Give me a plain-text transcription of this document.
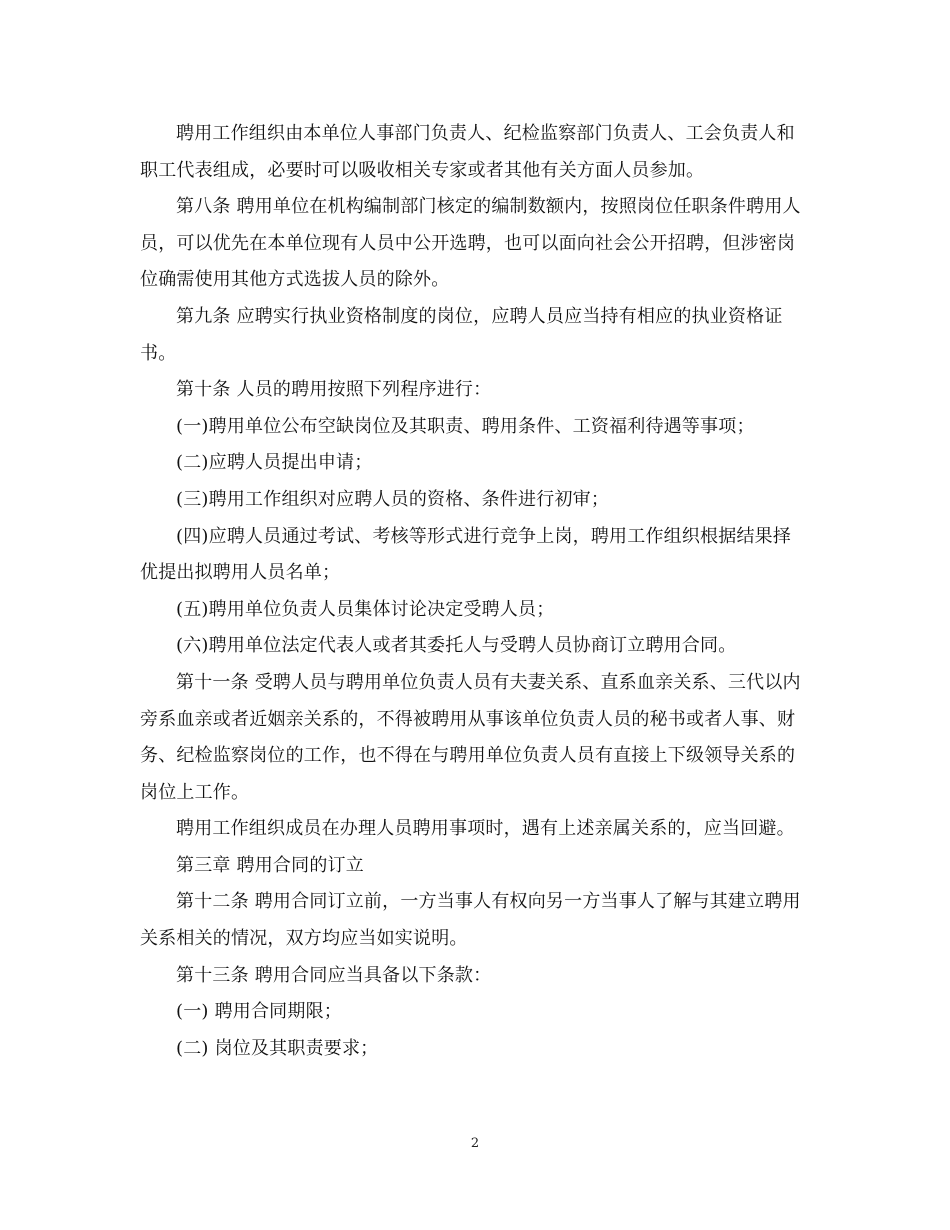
聘用工作组织由本单位人事部门负责人、纪检监察部门负责人、工会负责人和职工代表组成，必要时可以吸收相关专家或者其他有关方面人员参加。

第八条 聘用单位在机构编制部门核定的编制数额内，按照岗位任职条件聘用人员，可以优先在本单位现有人员中公开选聘，也可以面向社会公开招聘，但涉密岗位确需使用其他方式选拔人员的除外。

第九条 应聘实行执业资格制度的岗位，应聘人员应当持有相应的执业资格证书。

第十条 人员的聘用按照下列程序进行：

(一)聘用单位公布空缺岗位及其职责、聘用条件、工资福利待遇等事项；

(二)应聘人员提出申请；

(三)聘用工作组织对应聘人员的资格、条件进行初审；

(四)应聘人员通过考试、考核等形式进行竞争上岗，聘用工作组织根据结果择优提出拟聘用人员名单；

(五)聘用单位负责人员集体讨论决定受聘人员；

(六)聘用单位法定代表人或者其委托人与受聘人员协商订立聘用合同。

第十一条 受聘人员与聘用单位负责人员有夫妻关系、直系血亲关系、三代以内旁系血亲或者近姻亲关系的，不得被聘用从事该单位负责人员的秘书或者人事、财务、纪检监察岗位的工作，也不得在与聘用单位负责人员有直接上下级领导关系的岗位上工作。

聘用工作组织成员在办理人员聘用事项时，遇有上述亲属关系的，应当回避。

第三章 聘用合同的订立

第十二条 聘用合同订立前，一方当事人有权向另一方当事人了解与其建立聘用关系相关的情况，双方均应当如实说明。

第十三条 聘用合同应当具备以下条款：

(一) 聘用合同期限；

(二) 岗位及其职责要求；

2
